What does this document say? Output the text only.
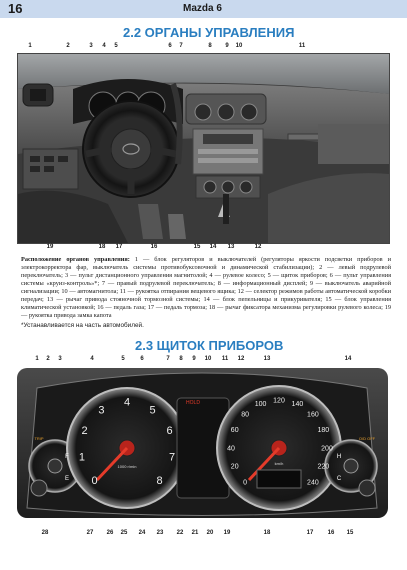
16	Mazda 6
2.2 ОРГАНЫ УПРАВЛЕНИЯ
1	2	3	4	5	6	7	8	9	10	11
19	18 17	16	15 14 13	12
Расположение органов управления: 1 — блок регуляторов и выключателей (регуляторы яркости подсветки приборов и электрокорректора фар, выключатель системы противобуксовочной и динамической стабилизации); 2 — левый подрулевой переключатель; 3 — пульт дистанционного управления магнитолой; 4 — рулевое колесо; 5 — щиток приборов; 6 — пульт управления системы «круиз-контроль»*; 7 — правый подрулевой переключатель; 8 — информационный дисплей; 9 — выключатель аварийной сигнализации; 10 — автомагнитола; 11 — рукоятка отпирания вещевого ящика; 12 — селектор режимов работы автоматической коробки передач; 13 — рычаг привода стояночной тормозной системы; 14 — блок пепельницы и прикуривателя; 15 — блок управления климатической установкой; 16 — педаль газа; 17 — педаль тормоза; 18 — рычаг фиксатора механизма регулировки рулевого колеса; 19 — рукоятка привода замка капота
*Устанавливается на часть автомобилей.
2.3 ЩИТОК ПРИБОРОВ
1	2	3	4	5	6	7	8	9	10	11	12	13	14
0
1
2
3
4
5
6
7
8	0
20
40
60
80
100
120
140
160
180
200
220
240
1000 r/min
km/h
F
E
H
C
TRIP	O/D OFF
HOLD
28	27 26 25 24 23 22 21 20 19	18	17 16 15
